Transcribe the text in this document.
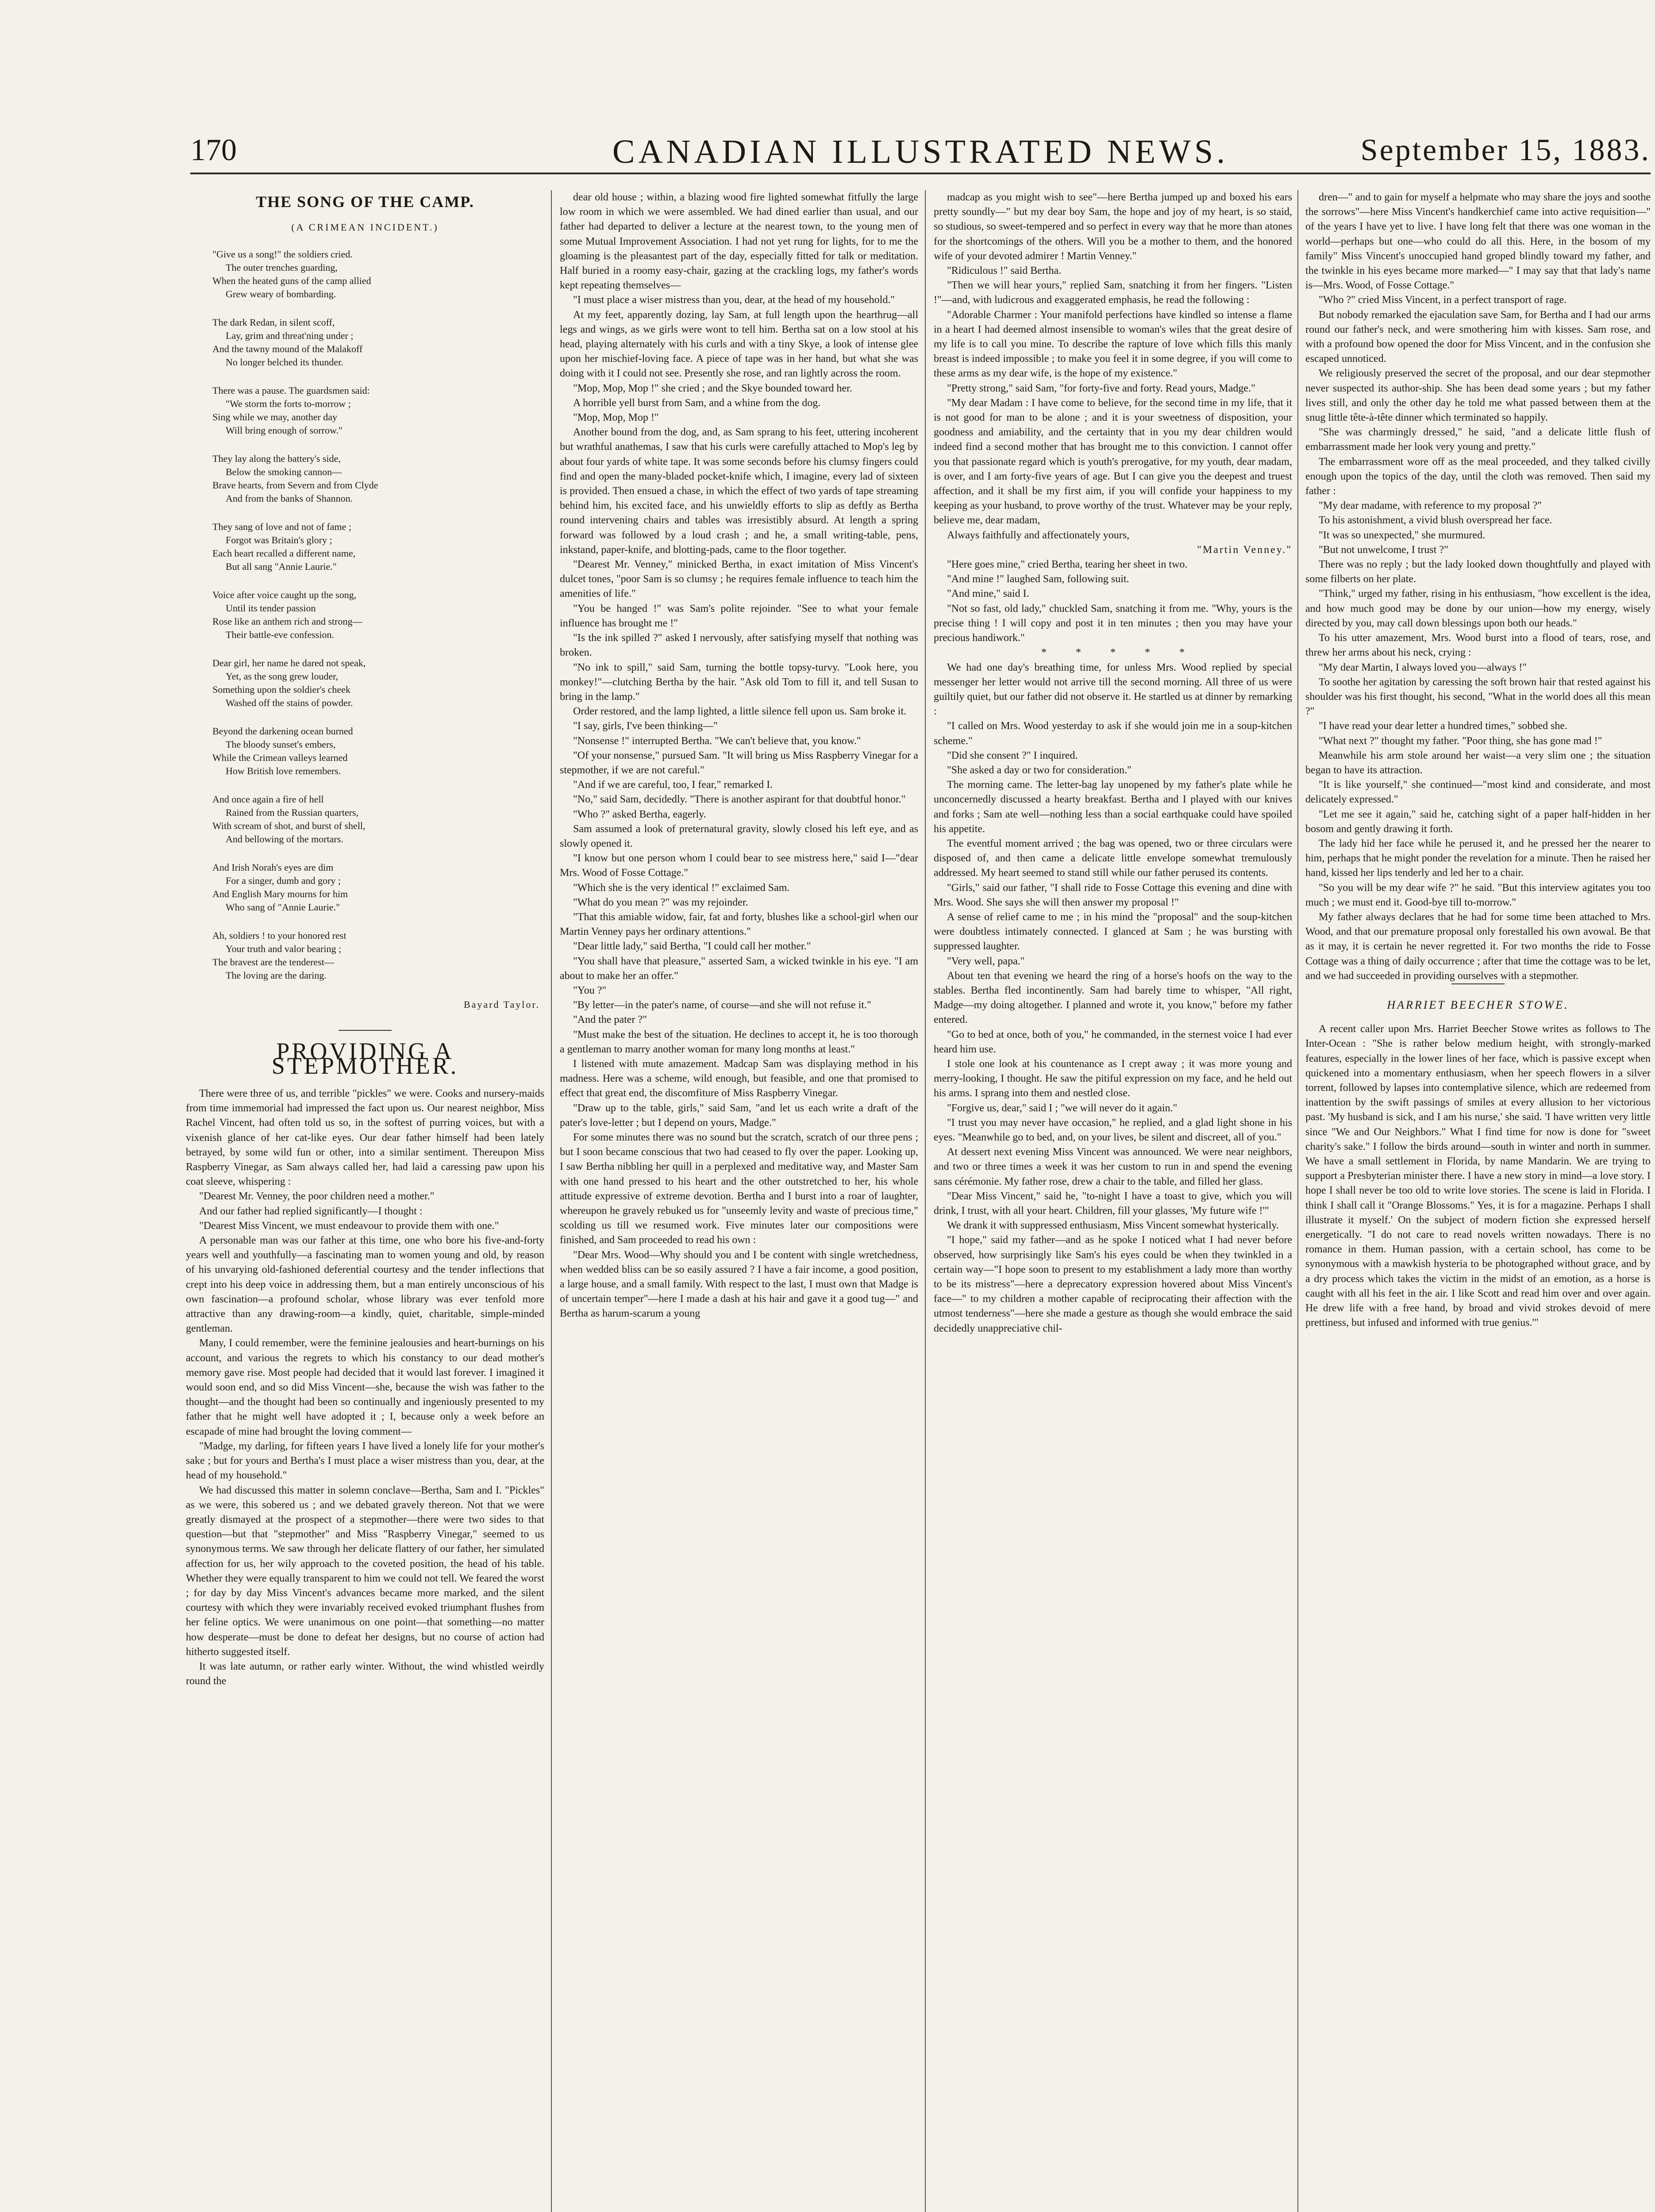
170	CANADIAN ILLUSTRATED NEWS.	September 15, 1883.
THE SONG OF THE CAMP.
(A CRIMEAN INCIDENT.)
"Give us a song!" the soldiers cried.
The outer trenches guarding,
When the heated guns of the camp allied
Grew weary of bombarding.
The dark Redan, in silent scoff,
Lay, grim and threat'ning under ;
And the tawny mound of the Malakoff
No longer belched its thunder.
There was a pause. The guardsmen said:
"We storm the forts to-morrow ;
Sing while we may, another day
Will bring enough of sorrow."
They lay along the battery's side,
Below the smoking cannon—
Brave hearts, from Severn and from Clyde
And from the banks of Shannon.
They sang of love and not of fame ;
Forgot was Britain's glory ;
Each heart recalled a different name,
But all sang "Annie Laurie."
Voice after voice caught up the song,
Until its tender passion
Rose like an anthem rich and strong—
Their battle-eve confession.
Dear girl, her name he dared not speak,
Yet, as the song grew louder,
Something upon the soldier's cheek
Washed off the stains of powder.
Beyond the darkening ocean burned
The bloody sunset's embers,
While the Crimean valleys learned
How British love remembers.
And once again a fire of hell
Rained from the Russian quarters,
With scream of shot, and burst of shell,
And bellowing of the mortars.
And Irish Norah's eyes are dim
For a singer, dumb and gory ;
And English Mary mourns for him
Who sang of "Annie Laurie."
Ah, soldiers ! to your honored rest
Your truth and valor bearing ;
The bravest are the tenderest—
The loving are the daring.
Bayard Taylor.
PROVIDING A STEPMOTHER.

There were three of us, and terrible "pickles" we were. Cooks and nursery-maids from time immemorial had impressed the fact upon us. Our nearest neighbor, Miss Rachel Vincent, had often told us so, in the softest of purring voices, but with a vixenish glance of her cat-like eyes. Our dear father himself had been lately betrayed, by some wild fun or other, into a similar sentiment. Thereupon Miss Raspberry Vinegar, as Sam always called her, had laid a caressing paw upon his coat sleeve, whispering :

"Dearest Mr. Venney, the poor children need a mother."

And our father had replied significantly—I thought :

"Dearest Miss Vincent, we must endeavour to provide them with one."

A personable man was our father at this time, one who bore his five-and-forty years well and youthfully—a fascinating man to women young and old, by reason of his unvarying old-fashioned deferential courtesy and the tender inflections that crept into his deep voice in addressing them, but a man entirely unconscious of his own fascination—a profound scholar, whose library was ever tenfold more attractive than any drawing-room—a kindly, quiet, charitable, simple-minded gentleman.

Many, I could remember, were the feminine jealousies and heart-burnings on his account, and various the regrets to which his constancy to our dead mother's memory gave rise. Most people had decided that it would last forever. I imagined it would soon end, and so did Miss Vincent—she, because the wish was father to the thought—and the thought had been so continually and ingeniously presented to my father that he might well have adopted it ; I, because only a week before an escapade of mine had brought the loving comment—

"Madge, my darling, for fifteen years I have lived a lonely life for your mother's sake ; but for yours and Bertha's I must place a wiser mistress than you, dear, at the head of my household."

We had discussed this matter in solemn conclave—Bertha, Sam and I. "Pickles" as we were, this sobered us ; and we debated gravely thereon. Not that we were greatly dismayed at the prospect of a stepmother—there were two sides to that question—but that "stepmother" and Miss "Raspberry Vinegar," seemed to us synonymous terms. We saw through her delicate flattery of our father, her simulated affection for us, her wily approach to the coveted position, the head of his table. Whether they were equally transparent to him we could not tell. We feared the worst ; for day by day Miss Vincent's advances became more marked, and the silent courtesy with which they were invariably received evoked triumphant flushes from her feline optics. We were unanimous on one point—that something—no matter how desperate—must be done to defeat her designs, but no course of action had hitherto suggested itself.

It was late autumn, or rather early winter. Without, the wind whistled weirdly round the

dear old house ; within, a blazing wood fire lighted somewhat fitfully the large low room in which we were assembled. We had dined earlier than usual, and our father had departed to deliver a lecture at the nearest town, to the young men of some Mutual Improvement Association. I had not yet rung for lights, for to me the gloaming is the pleasantest part of the day, especially fitted for talk or meditation. Half buried in a roomy easy-chair, gazing at the crackling logs, my father's words kept repeating themselves—

"I must place a wiser mistress than you, dear, at the head of my household."

At my feet, apparently dozing, lay Sam, at full length upon the hearthrug—all legs and wings, as we girls were wont to tell him. Bertha sat on a low stool at his head, playing alternately with his curls and with a tiny Skye, a look of intense glee upon her mischief-loving face. A piece of tape was in her hand, but what she was doing with it I could not see. Presently she rose, and ran lightly across the room.

"Mop, Mop, Mop !" she cried ; and the Skye bounded toward her.

A horrible yell burst from Sam, and a whine from the dog.

"Mop, Mop, Mop !"

Another bound from the dog, and, as Sam sprang to his feet, uttering incoherent but wrathful anathemas, I saw that his curls were carefully attached to Mop's leg by about four yards of white tape. It was some seconds before his clumsy fingers could find and open the many-bladed pocket-knife which, I imagine, every lad of sixteen is provided. Then ensued a chase, in which the effect of two yards of tape streaming behind him, his excited face, and his unwieldly efforts to slip as deftly as Bertha round intervening chairs and tables was irresistibly absurd. At length a spring forward was followed by a loud crash ; and he, a small writing-table, pens, inkstand, paper-knife, and blotting-pads, came to the floor together.

"Dearest Mr. Venney," minicked Bertha, in exact imitation of Miss Vincent's dulcet tones, "poor Sam is so clumsy ; he requires female influence to teach him the amenities of life."

"You be hanged !" was Sam's polite rejoinder. "See to what your female influence has brought me !"

"Is the ink spilled ?" asked I nervously, after satisfying myself that nothing was broken.

"No ink to spill," said Sam, turning the bottle topsy-turvy. "Look here, you monkey!"—clutching Bertha by the hair. "Ask old Tom to fill it, and tell Susan to bring in the lamp."

Order restored, and the lamp lighted, a little silence fell upon us. Sam broke it.

"I say, girls, I've been thinking—"

"Nonsense !" interrupted Bertha. "We can't believe that, you know."

"Of your nonsense," pursued Sam. "It will bring us Miss Raspberry Vinegar for a stepmother, if we are not careful."

"And if we are careful, too, I fear," remarked I.

"No," said Sam, decidedly. "There is another aspirant for that doubtful honor."

"Who ?" asked Bertha, eagerly.

Sam assumed a look of preternatural gravity, slowly closed his left eye, and as slowly opened it.

"I know but one person whom I could bear to see mistress here," said I—"dear Mrs. Wood of Fosse Cottage."

"Which she is the very identical !" exclaimed Sam.

"What do you mean ?" was my rejoinder.

"That this amiable widow, fair, fat and forty, blushes like a school-girl when our Martin Venney pays her ordinary attentions."

"Dear little lady," said Bertha, "I could call her mother."

"You shall have that pleasure," asserted Sam, a wicked twinkle in his eye. "I am about to make her an offer."

"You ?"

"By letter—in the pater's name, of course—and she will not refuse it."

"And the pater ?"

"Must make the best of the situation. He declines to accept it, he is too thorough a gentleman to marry another woman for many long months at least."

I listened with mute amazement. Madcap Sam was displaying method in his madness. Here was a scheme, wild enough, but feasible, and one that promised to effect that great end, the discomfiture of Miss Raspberry Vinegar.

"Draw up to the table, girls," said Sam, "and let us each write a draft of the pater's love-letter ; but I depend on yours, Madge."

For some minutes there was no sound but the scratch, scratch of our three pens ; but I soon became conscious that two had ceased to fly over the paper. Looking up, I saw Bertha nibbling her quill in a perplexed and meditative way, and Master Sam with one hand pressed to his heart and the other outstretched to her, his whole attitude expressive of extreme devotion. Bertha and I burst into a roar of laughter, whereupon he gravely rebuked us for "unseemly levity and waste of precious time," scolding us till we resumed work. Five minutes later our compositions were finished, and Sam proceeded to read his own :

"Dear Mrs. Wood—Why should you and I be content with single wretchedness, when wedded bliss can be so easily assured ? I have a fair income, a good position, a large house, and a small family. With respect to the last, I must own that Madge is of uncertain temper"—here I made a dash at his hair and gave it a good tug—" and Bertha as harum-scarum a young

madcap as you might wish to see"—here Bertha jumped up and boxed his ears pretty soundly—" but my dear boy Sam, the hope and joy of my heart, is so staid, so studious, so sweet-tempered and so perfect in every way that he more than atones for the shortcomings of the others. Will you be a mother to them, and the honored wife of your devoted admirer ! Martin Venney."

"Ridiculous !" said Bertha.

"Then we will hear yours," replied Sam, snatching it from her fingers. "Listen !"—and, with ludicrous and exaggerated emphasis, he read the following :

"Adorable Charmer : Your manifold perfections have kindled so intense a flame in a heart I had deemed almost insensible to woman's wiles that the great desire of my life is to call you mine. To describe the rapture of love which fills this manly breast is indeed impossible ; to make you feel it in some degree, if you will come to these arms as my dear wife, is the hope of my existence."

"Pretty strong," said Sam, "for forty-five and forty. Read yours, Madge."

"My dear Madam : I have come to believe, for the second time in my life, that it is not good for man to be alone ; and it is your sweetness of disposition, your goodness and amiability, and the certainty that in you my dear children would indeed find a second mother that has brought me to this conviction. I cannot offer you that passionate regard which is youth's prerogative, for my youth, dear madam, is over, and I am forty-five years of age. But I can give you the deepest and truest affection, and it shall be my first aim, if you will confide your happiness to my keeping as your husband, to prove worthy of the trust. Whatever may be your reply, believe me, dear madam,

Always faithfully and affectionately yours,

"Martin Venney."

"Here goes mine," cried Bertha, tearing her sheet in two.

"And mine !" laughed Sam, following suit.

"And mine," said I.

"Not so fast, old lady," chuckled Sam, snatching it from me. "Why, yours is the precise thing ! I will copy and post it in ten minutes ; then you may have your precious handiwork."

* * * * *

We had one day's breathing time, for unless Mrs. Wood replied by special messenger her letter would not arrive till the second morning. All three of us were guiltily quiet, but our father did not observe it. He startled us at dinner by remarking :

"I called on Mrs. Wood yesterday to ask if she would join me in a soup-kitchen scheme."

"Did she consent ?" I inquired.

"She asked a day or two for consideration."

The morning came. The letter-bag lay unopened by my father's plate while he unconcernedly discussed a hearty breakfast. Bertha and I played with our knives and forks ; Sam ate well—nothing less than a social earthquake could have spoiled his appetite.

The eventful moment arrived ; the bag was opened, two or three circulars were disposed of, and then came a delicate little envelope somewhat tremulously addressed. My heart seemed to stand still while our father perused its contents.

"Girls," said our father, "I shall ride to Fosse Cottage this evening and dine with Mrs. Wood. She says she will then answer my proposal !"

A sense of relief came to me ; in his mind the "proposal" and the soup-kitchen were doubtless intimately connected. I glanced at Sam ; he was bursting with suppressed laughter.

"Very well, papa."

About ten that evening we heard the ring of a horse's hoofs on the way to the stables. Bertha fled incontinently. Sam had barely time to whisper, "All right, Madge—my doing altogether. I planned and wrote it, you know," before my father entered.

"Go to bed at once, both of you," he commanded, in the sternest voice I had ever heard him use.

I stole one look at his countenance as I crept away ; it was more young and merry-looking, I thought. He saw the pitiful expression on my face, and he held out his arms. I sprang into them and nestled close.

"Forgive us, dear," said I ; "we will never do it again."

"I trust you may never have occasion," he replied, and a glad light shone in his eyes. "Meanwhile go to bed, and, on your lives, be silent and discreet, all of you."

At dessert next evening Miss Vincent was announced. We were near neighbors, and two or three times a week it was her custom to run in and spend the evening sans cérémonie. My father rose, drew a chair to the table, and filled her glass.

"Dear Miss Vincent," said he, "to-night I have a toast to give, which you will drink, I trust, with all your heart. Children, fill your glasses, 'My future wife !'"

We drank it with suppressed enthusiasm, Miss Vincent somewhat hysterically.

"I hope," said my father—and as he spoke I noticed what I had never before observed, how surprisingly like Sam's his eyes could be when they twinkled in a certain way—"I hope soon to present to my establishment a lady more than worthy to be its mistress"—here a deprecatory expression hovered about Miss Vincent's face—" to my children a mother capable of reciprocating their affection with the utmost tenderness"—here she made a gesture as though she would embrace the said decidedly unappreciative chil-

dren—" and to gain for myself a helpmate who may share the joys and soothe the sorrows"—here Miss Vincent's handkerchief came into active requisition—" of the years I have yet to live. I have long felt that there was one woman in the world—perhaps but one—who could do all this. Here, in the bosom of my family" Miss Vincent's unoccupied hand groped blindly toward my father, and the twinkle in his eyes became more marked—" I may say that that lady's name is—Mrs. Wood, of Fosse Cottage."

"Who ?" cried Miss Vincent, in a perfect transport of rage.

But nobody remarked the ejaculation save Sam, for Bertha and I had our arms round our father's neck, and were smothering him with kisses. Sam rose, and with a profound bow opened the door for Miss Vincent, and in the confusion she escaped unnoticed.

We religiously preserved the secret of the proposal, and our dear stepmother never suspected its author-ship. She has been dead some years ; but my father lives still, and only the other day he told me what passed between them at the snug little tête-à-tête dinner which terminated so happily.

"She was charmingly dressed," he said, "and a delicate little flush of embarrassment made her look very young and pretty."

The embarrassment wore off as the meal proceeded, and they talked civilly enough upon the topics of the day, until the cloth was removed. Then said my father :

"My dear madame, with reference to my proposal ?"

To his astonishment, a vivid blush overspread her face.

"It was so unexpected," she murmured.

"But not unwelcome, I trust ?"

There was no reply ; but the lady looked down thoughtfully and played with some filberts on her plate.

"Think," urged my father, rising in his enthusiasm, "how excellent is the idea, and how much good may be done by our union—how my energy, wisely directed by you, may call down blessings upon both our heads."

To his utter amazement, Mrs. Wood burst into a flood of tears, rose, and threw her arms about his neck, crying :

"My dear Martin, I always loved you—always !"

To soothe her agitation by caressing the soft brown hair that rested against his shoulder was his first thought, his second, "What in the world does all this mean ?"

"I have read your dear letter a hundred times," sobbed she.

"What next ?" thought my father. "Poor thing, she has gone mad !"

Meanwhile his arm stole around her waist—a very slim one ; the situation began to have its attraction.

"It is like yourself," she continued—"most kind and considerate, and most delicately expressed."

"Let me see it again," said he, catching sight of a paper half-hidden in her bosom and gently drawing it forth.

The lady hid her face while he perused it, and he pressed her the nearer to him, perhaps that he might ponder the revelation for a minute. Then he raised her hand, kissed her lips tenderly and led her to a chair.

"So you will be my dear wife ?" he said. "But this interview agitates you too much ; we must end it. Good-bye till to-morrow."

My father always declares that he had for some time been attached to Mrs. Wood, and that our premature proposal only forestalled his own avowal. Be that as it may, it is certain he never regretted it. For two months the ride to Fosse Cottage was a thing of daily occurrence ; after that time the cottage was to be let, and we had succeeded in providing ourselves with a stepmother.

HARRIET BEECHER STOWE.

A recent caller upon Mrs. Harriet Beecher Stowe writes as follows to The Inter-Ocean : "She is rather below medium height, with strongly-marked features, especially in the lower lines of her face, which is passive except when quickened into a momentary enthusiasm, when her speech flowers in a silver torrent, followed by lapses into contemplative silence, which are redeemed from inattention by the swift passings of smiles at every allusion to her victorious past. 'My husband is sick, and I am his nurse,' she said. 'I have written very little since "We and Our Neighbors." What I find time for now is done for "sweet charity's sake." I follow the birds around—south in winter and north in summer. We have a small settlement in Florida, by name Mandarin. We are trying to support a Presbyterian minister there. I have a new story in mind—a love story. I hope I shall never be too old to write love stories. The scene is laid in Florida. I think I shall call it "Orange Blossoms." Yes, it is for a magazine. Perhaps I shall illustrate it myself.' On the subject of modern fiction she expressed herself energetically. "I do not care to read novels written nowadays. There is no romance in them. Human passion, with a certain school, has come to be synonymous with a mawkish hysteria to be photographed without grace, and by a dry process which takes the victim in the midst of an emotion, as a horse is caught with all his feet in the air. I like Scott and read him over and over again. He drew life with a free hand, by broad and vivid strokes devoid of mere prettiness, but infused and informed with true genius.'"
